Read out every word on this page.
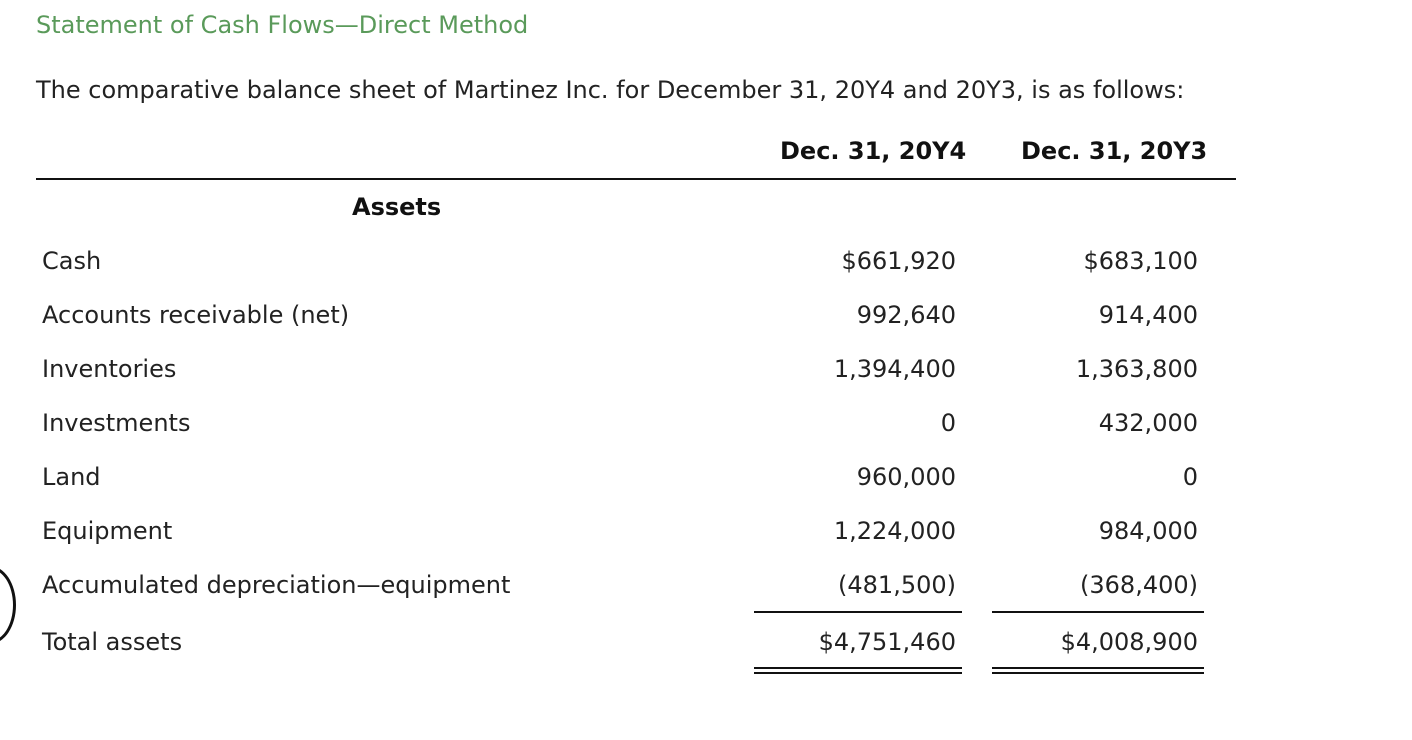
Statement of Cash Flows—Direct Method
The comparative balance sheet of Martinez Inc. for December 31, 20Y4 and 20Y3, is as follows:
Dec. 31, 20Y4 Dec. 31, 20Y3
Assets
Cash	$661,920	$683,100
Accounts receivable (net)	992,640	914,400
Inventories	1,394,400	1,363,800
Investments	0	432,000
Land	960,000	0
Equipment	1,224,000	984,000
Accumulated depreciation—equipment	(481,500)	(368,400)
Total assets	$4,751,460	$4,008,900
